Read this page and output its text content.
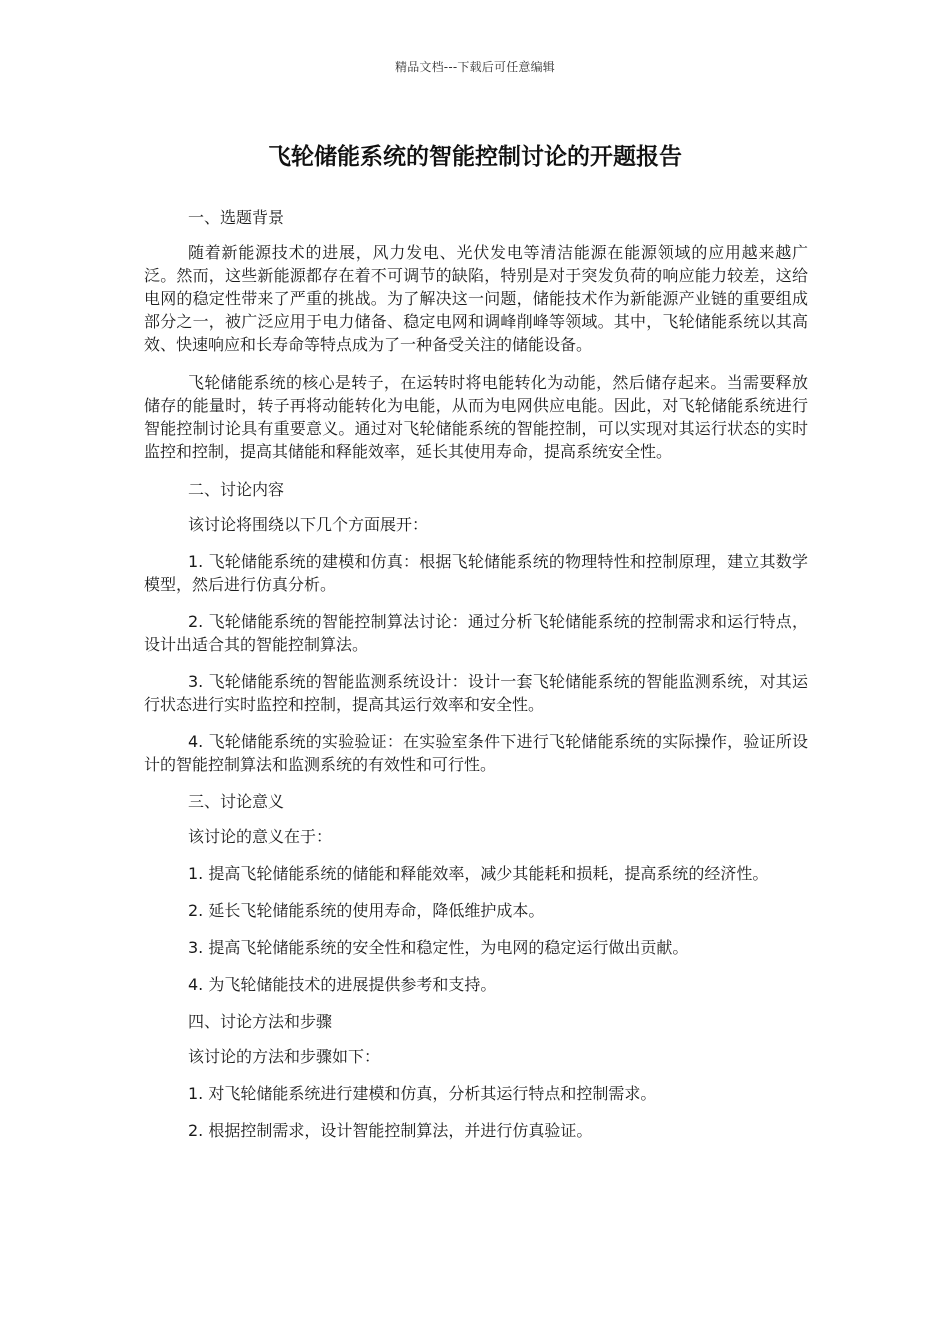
精品文档---下载后可任意编辑
飞轮储能系统的智能控制讨论的开题报告

一、选题背景

随着新能源技术的进展，风力发电、光伏发电等清洁能源在能源领域的应用越来越广泛。然而，这些新能源都存在着不可调节的缺陷，特别是对于突发负荷的响应能力较差，这给电网的稳定性带来了严重的挑战。为了解决这一问题，储能技术作为新能源产业链的重要组成部分之一，被广泛应用于电力储备、稳定电网和调峰削峰等领域。其中，飞轮储能系统以其高效、快速响应和长寿命等特点成为了一种备受关注的储能设备。

飞轮储能系统的核心是转子，在运转时将电能转化为动能，然后储存起来。当需要释放储存的能量时，转子再将动能转化为电能，从而为电网供应电能。因此，对飞轮储能系统进行智能控制讨论具有重要意义。通过对飞轮储能系统的智能控制，可以实现对其运行状态的实时监控和控制，提高其储能和释能效率，延长其使用寿命，提高系统安全性。

二、讨论内容

该讨论将围绕以下几个方面展开：

1. 飞轮储能系统的建模和仿真：根据飞轮储能系统的物理特性和控制原理，建立其数学模型，然后进行仿真分析。

2. 飞轮储能系统的智能控制算法讨论：通过分析飞轮储能系统的控制需求和运行特点，设计出适合其的智能控制算法。

3. 飞轮储能系统的智能监测系统设计：设计一套飞轮储能系统的智能监测系统，对其运行状态进行实时监控和控制，提高其运行效率和安全性。

4. 飞轮储能系统的实验验证：在实验室条件下进行飞轮储能系统的实际操作，验证所设计的智能控制算法和监测系统的有效性和可行性。

三、讨论意义

该讨论的意义在于：

1. 提高飞轮储能系统的储能和释能效率，减少其能耗和损耗，提高系统的经济性。

2. 延长飞轮储能系统的使用寿命，降低维护成本。

3. 提高飞轮储能系统的安全性和稳定性，为电网的稳定运行做出贡献。

4. 为飞轮储能技术的进展提供参考和支持。

四、讨论方法和步骤

该讨论的方法和步骤如下：

1. 对飞轮储能系统进行建模和仿真，分析其运行特点和控制需求。

2. 根据控制需求，设计智能控制算法，并进行仿真验证。
